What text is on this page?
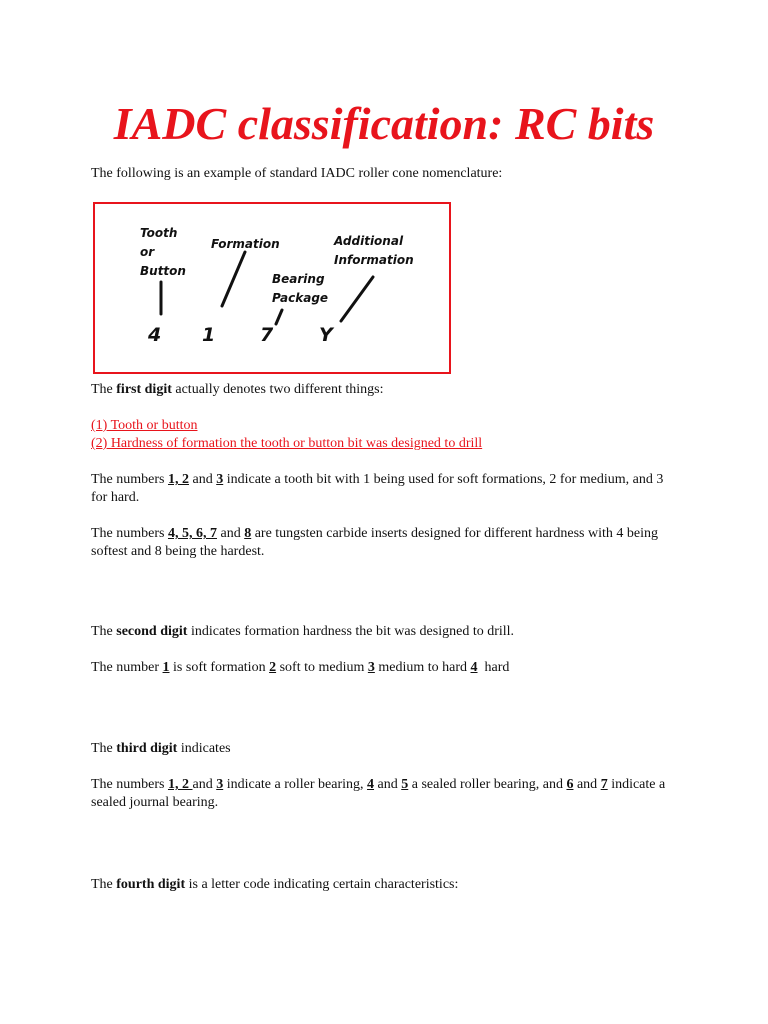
IADC classification: RC bits

The following is an example of standard IADC roller cone nomenclature:

Tooth
or
Button
Formation
Bearing
Package
Additional
Information
4 1 7 Y

The first digit actually denotes two different things:

(1) Tooth or button
(2) Hardness of formation the tooth or button bit was designed to drill

The numbers 1, 2 and 3 indicate a tooth bit with 1 being used for soft formations, 2 for medium, and 3 for hard.

The numbers 4, 5, 6, 7 and 8 are tungsten carbide inserts designed for different hardness with 4 being softest and 8 being the hardest.

The second digit indicates formation hardness the bit was designed to drill.

The number 1 is soft formation 2 soft to medium 3 medium to hard 4  hard

The third digit indicates

The numbers 1, 2 and 3 indicate a roller bearing, 4 and 5 a sealed roller bearing, and 6 and 7 indicate a sealed journal bearing.

The fourth digit is a letter code indicating certain characteristics:
